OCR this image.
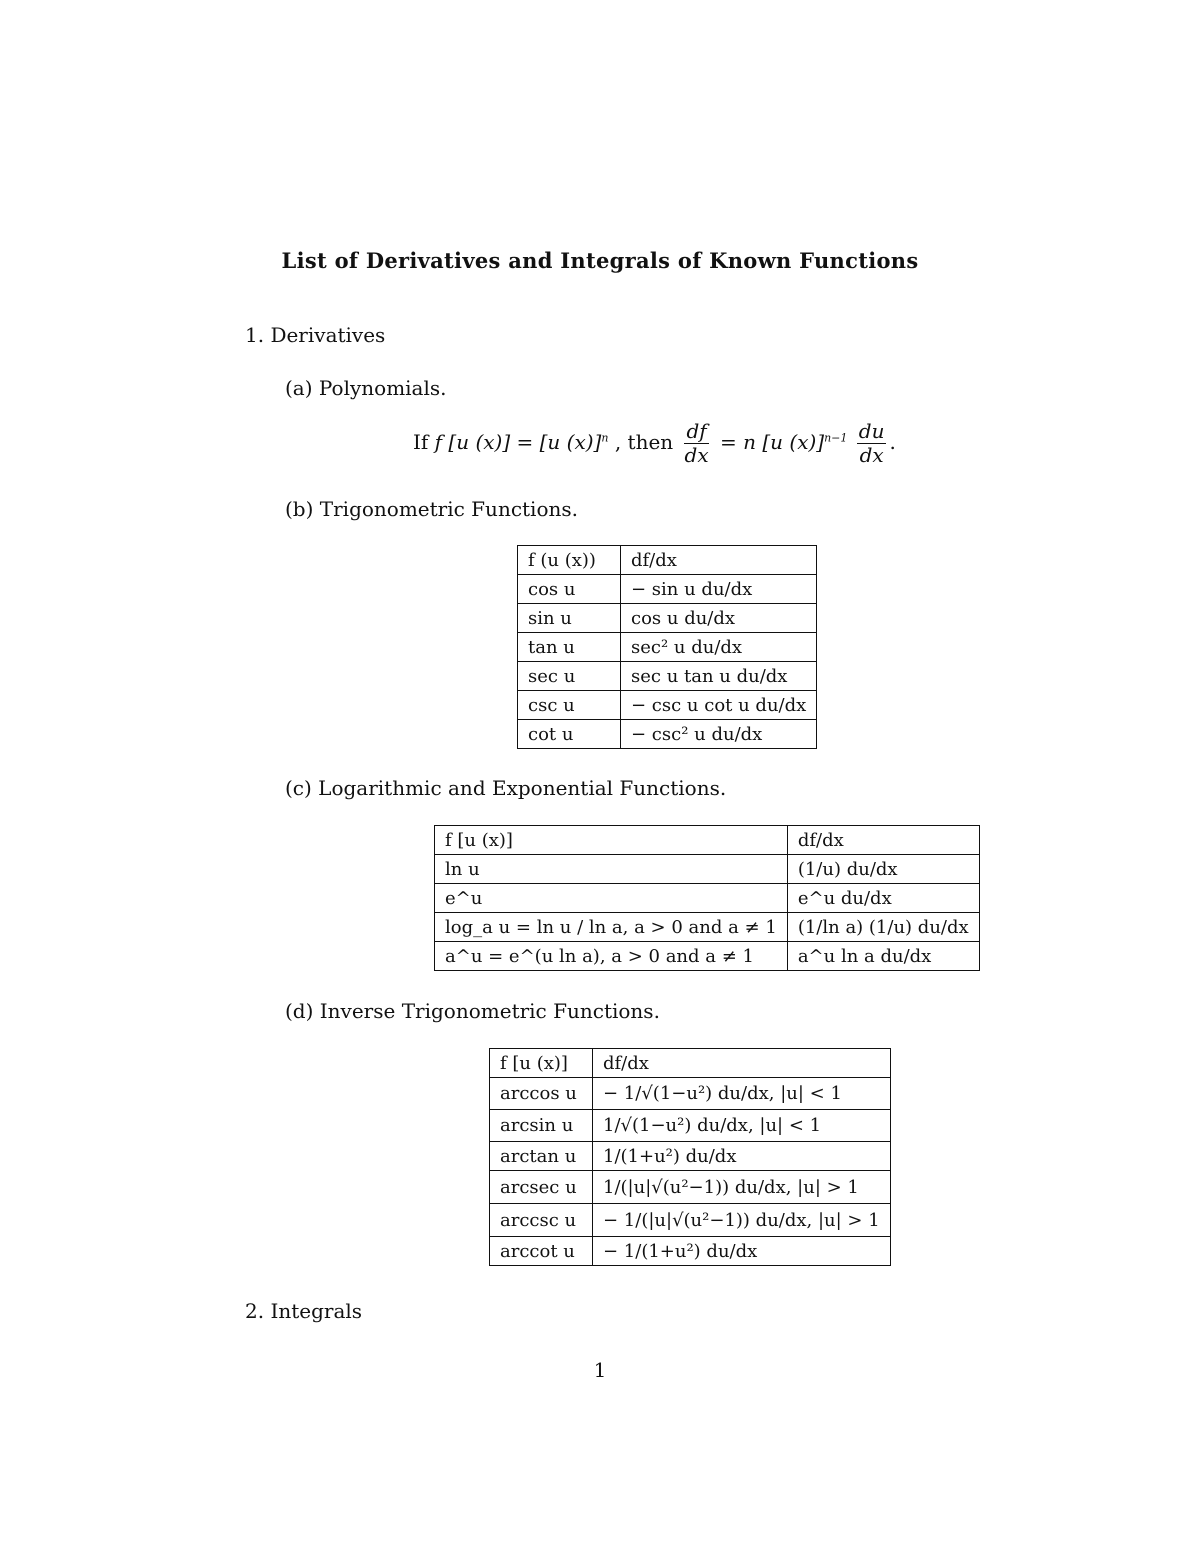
List of Derivatives and Integrals of Known Functions
1. Derivatives
(a) Polynomials.
If f [u (x)] = [u (x)]$^n$ , then $\frac{df}{dx} = n$ [u $(x)]^{n-1} \frac{du}{dx}$ .
(b) Trigonometric Functions.
f (u (x))	df/dx
cos u	− sin u du/dx
sin u	cos u du/dx
tan u	sec² u du/dx
sec u	sec u tan u du/dx
csc u	− csc u cot u du/dx
cot u	− csc² u du/dx
(c) Logarithmic and Exponential Functions.
f [u (x)]	df/dx
ln u	(1/u) du/dx
e^u	e^u du/dx
log_a u = ln u / ln a, a > 0 and a ≠ 1	(1/ln a) (1/u) du/dx
a^u = e^(u ln a), a > 0 and a ≠ 1	a^u ln a du/dx
(d) Inverse Trigonometric Functions.
f [u (x)]	df/dx
arccos u	− 1/√(1−u²) du/dx, |u| < 1
arcsin u	1/√(1−u²) du/dx, |u| < 1
arctan u	1/(1+u²) du/dx
arcsec u	1/(|u|√(u²−1)) du/dx, |u| > 1
arccsc u	− 1/(|u|√(u²−1)) du/dx, |u| > 1
arccot u	− 1/(1+u²) du/dx
2. Integrals
1
